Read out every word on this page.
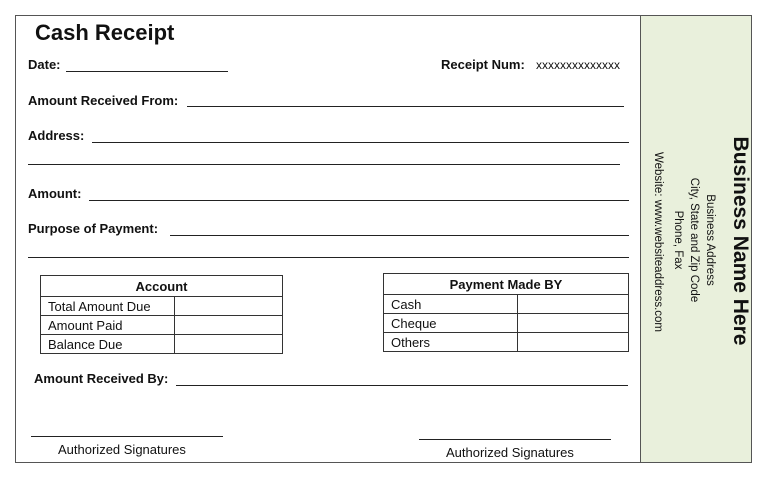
Cash Receipt
Date:	Receipt Num: xxxxxxxxxxxxxx
Amount Received From:
Address:
Amount:
Purpose of Payment:
Account	
Total Amount Due	
Amount Paid	
Balance Due	
Payment Made BY	
Cash	
Cheque	
Others	
Amount Received By:
Authorized Signatures	Authorized Signatures
Business Name Here
Business Address
City, State and Zip Code
Phone, Fax
Website: www.websiteaddress.com
